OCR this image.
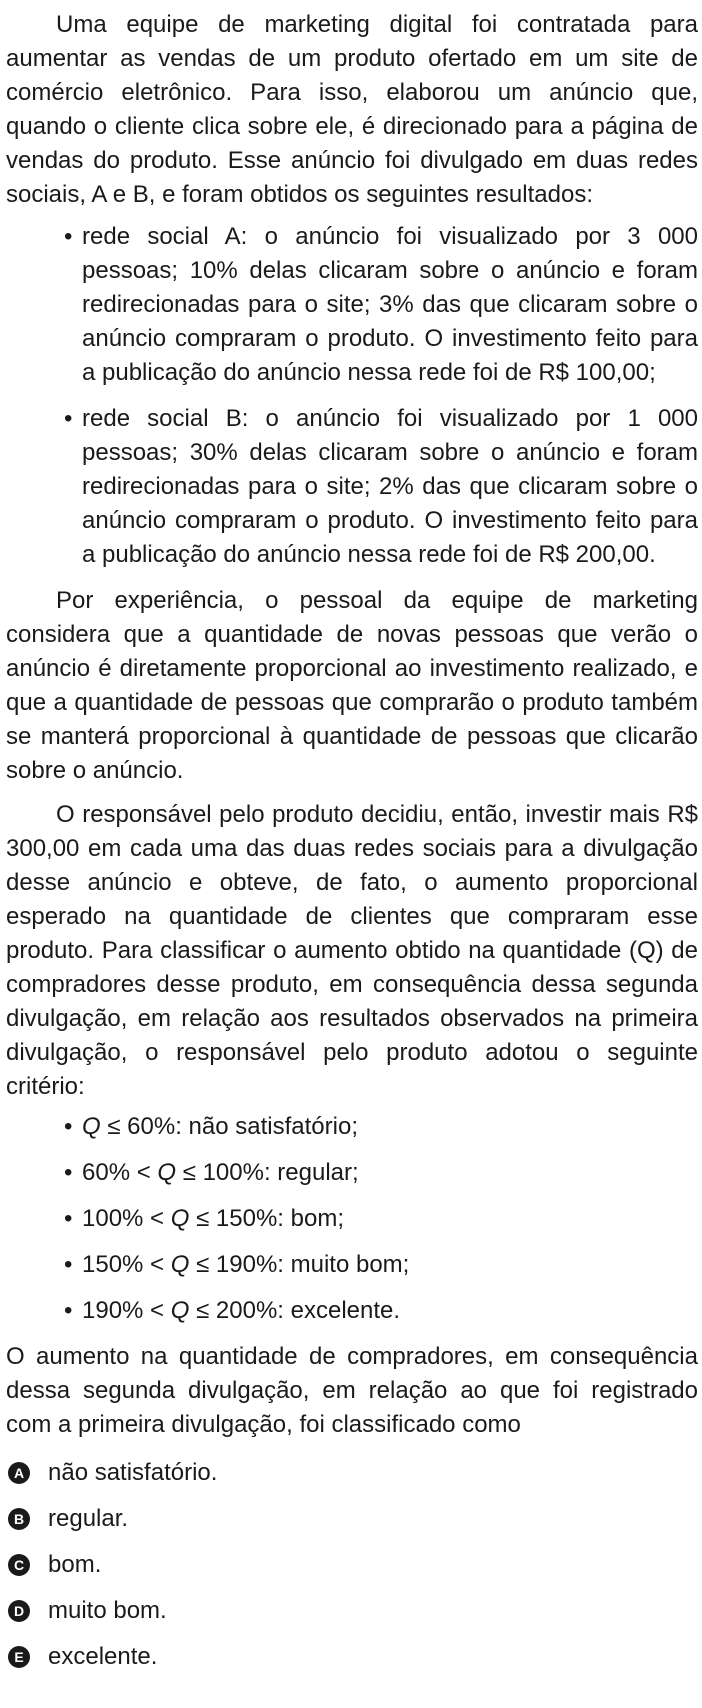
Uma equipe de marketing digital foi contratada para aumentar as vendas de um produto ofertado em um site de comércio eletrônico. Para isso, elaborou um anúncio que, quando o cliente clica sobre ele, é direcionado para a página de vendas do produto. Esse anúncio foi divulgado em duas redes sociais, A e B, e foram obtidos os seguintes resultados:

• rede social A: o anúncio foi visualizado por 3 000 pessoas; 10% delas clicaram sobre o anúncio e foram redirecionadas para o site; 3% das que clicaram sobre o anúncio compraram o produto. O investimento feito para a publicação do anúncio nessa rede foi de R$ 100,00;
• rede social B: o anúncio foi visualizado por 1 000 pessoas; 30% delas clicaram sobre o anúncio e foram redirecionadas para o site; 2% das que clicaram sobre o anúncio compraram o produto. O investimento feito para a publicação do anúncio nessa rede foi de R$ 200,00.

Por experiência, o pessoal da equipe de marketing considera que a quantidade de novas pessoas que verão o anúncio é diretamente proporcional ao investimento realizado, e que a quantidade de pessoas que comprarão o produto também se manterá proporcional à quantidade de pessoas que clicarão sobre o anúncio.

O responsável pelo produto decidiu, então, investir mais R$ 300,00 em cada uma das duas redes sociais para a divulgação desse anúncio e obteve, de fato, o aumento proporcional esperado na quantidade de clientes que compraram esse produto. Para classificar o aumento obtido na quantidade (Q) de compradores desse produto, em consequência dessa segunda divulgação, em relação aos resultados observados na primeira divulgação, o responsável pelo produto adotou o seguinte critério:

• Q ≤ 60%: não satisfatório;
• 60% < Q ≤ 100%: regular;
• 100% < Q ≤ 150%: bom;
• 150% < Q ≤ 190%: muito bom;
• 190% < Q ≤ 200%: excelente.

O aumento na quantidade de compradores, em consequência dessa segunda divulgação, em relação ao que foi registrado com a primeira divulgação, foi classificado como

A não satisfatório.
B regular.
C bom.
D muito bom.
E excelente.
